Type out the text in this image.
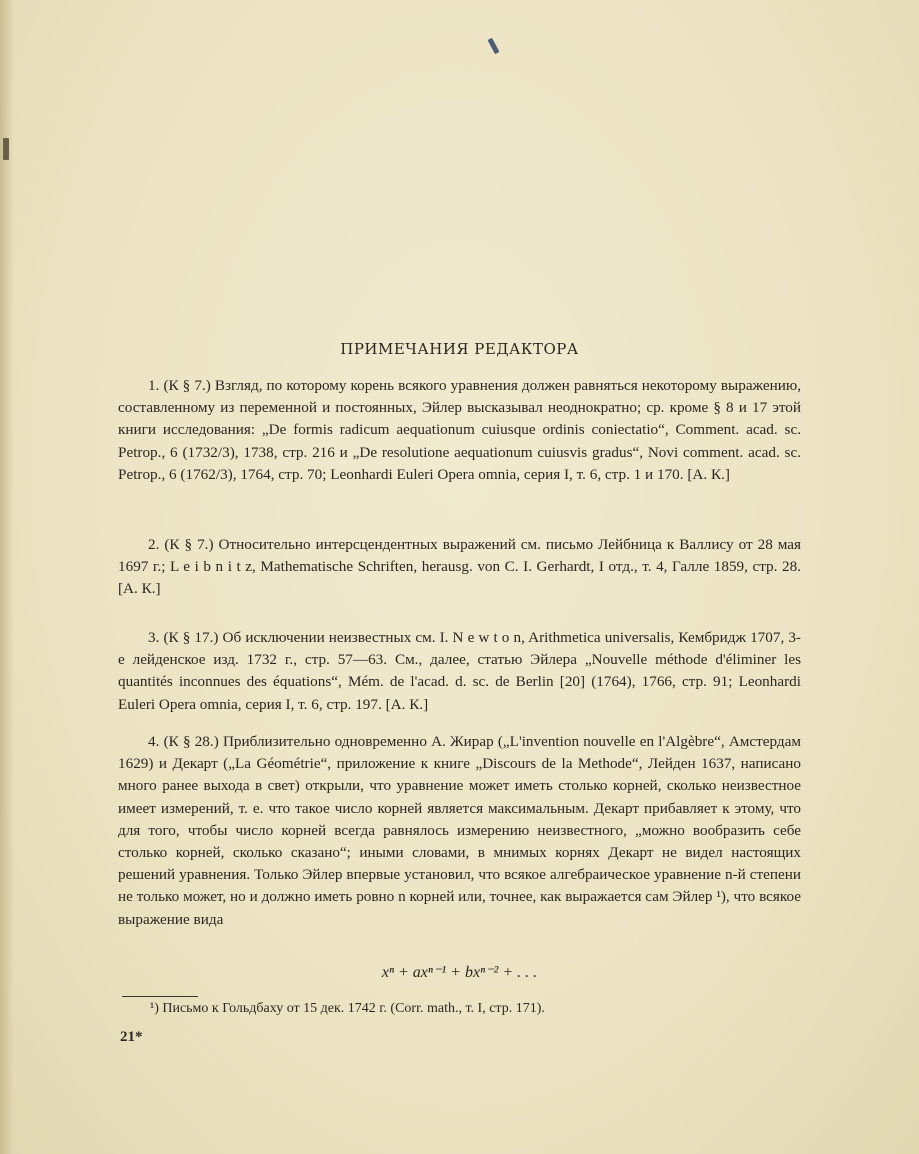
ПРИМЕЧАНИЯ РЕДАКТОРА

1. (К § 7.) Взгляд, по которому корень всякого уравнения должен равняться некоторому выражению, составленному из переменной и постоянных, Эйлер высказывал неоднократно; ср. кроме § 8 и 17 этой книги исследования: „De formis radicum aequationum cuiusque ordinis coniectatio“, Comment. acad. sc. Petrop., 6 (1732/3), 1738, стр. 216 и „De resolutione aequationum cuiusvis gradus“, Novi comment. acad. sc. Petrop., 6 (1762/3), 1764, стр. 70; Leonhardi Euleri Opera omnia, серия I, т. 6, стр. 1 и 170. [А. К.]

2. (К § 7.) Относительно интерсцендентных выражений см. письмо Лейбница к Валлису от 28 мая 1697 г.; L e i b n i t z, Mathematische Schriften, herausg. von C. I. Gerhardt, I отд., т. 4, Галле 1859, стр. 28. [А. К.]

3. (К § 17.) Об исключении неизвестных см. I. N e w t o n, Arithmetica universalis, Кембридж 1707, 3-е лейденское изд. 1732 г., стр. 57—63. См., далее, статью Эйлера „Nouvelle méthode d'éliminer les quantités inconnues des équations“, Mém. de l'acad. d. sc. de Berlin [20] (1764), 1766, стр. 91; Leonhardi Euleri Opera omnia, серия I, т. 6, стр. 197. [А. К.]

4. (К § 28.) Приблизительно одновременно А. Жирар („L'invention nouvelle en l'Algèbre“, Амстердам 1629) и Декарт („La Géométrie“, приложение к книге „Discours de la Methode“, Лейден 1637, написано много ранее выхода в свет) открыли, что уравнение может иметь столько корней, сколько неизвестное имеет измерений, т. е. что такое число корней является максимальным. Декарт прибавляет к этому, что для того, чтобы число корней всегда равнялось измерению неизвестного, „можно вообразить себе столько корней, сколько сказано“; иными словами, в мнимых корнях Декарт не видел настоящих решений уравнения. Только Эйлер впервые установил, что всякое алгебраическое уравнение n-й степени не только может, но и должно иметь ровно n корней или, точнее, как выражается сам Эйлер ¹), что всякое выражение вида

xⁿ + axⁿ⁻¹ + bxⁿ⁻² + . . .
¹) Письмо к Гольдбаху от 15 дек. 1742 г. (Corr. math., т. I, стр. 171).
21*
